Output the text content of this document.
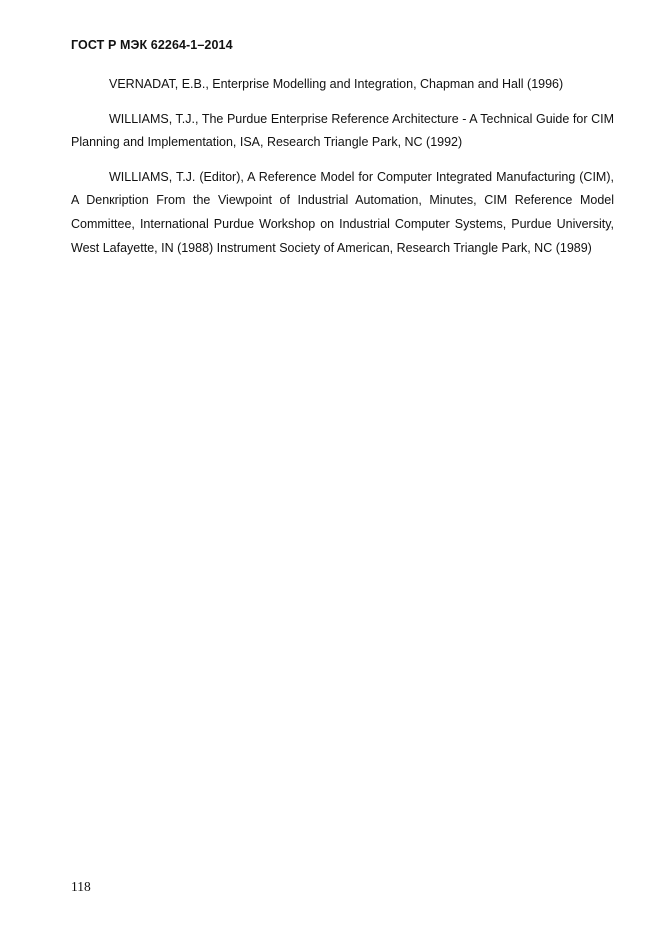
ГОСТ Р МЭК 62264-1–2014
VERNADAT, E.B., Enterprise Modelling and Integration, Chapman and Hall (1996)
WILLIAMS, T.J., The Purdue Enterprise Reference Architecture - A Technical Guide for CIM Planning and Implementation, ISA, Research Triangle Park, NC (1992)
WILLIAMS, T.J. (Editor), A Reference Model for Computer Integrated Manufacturing (CIM), A Denкription From the Viewpoint of Industrial Automation, Minutes, CIM Reference Model Committee, International Purdue Workshop on Industrial Computer Systems, Purdue University, West Lafayette, IN (1988) Instrument Society of American, Research Triangle Park, NC (1989)
118
